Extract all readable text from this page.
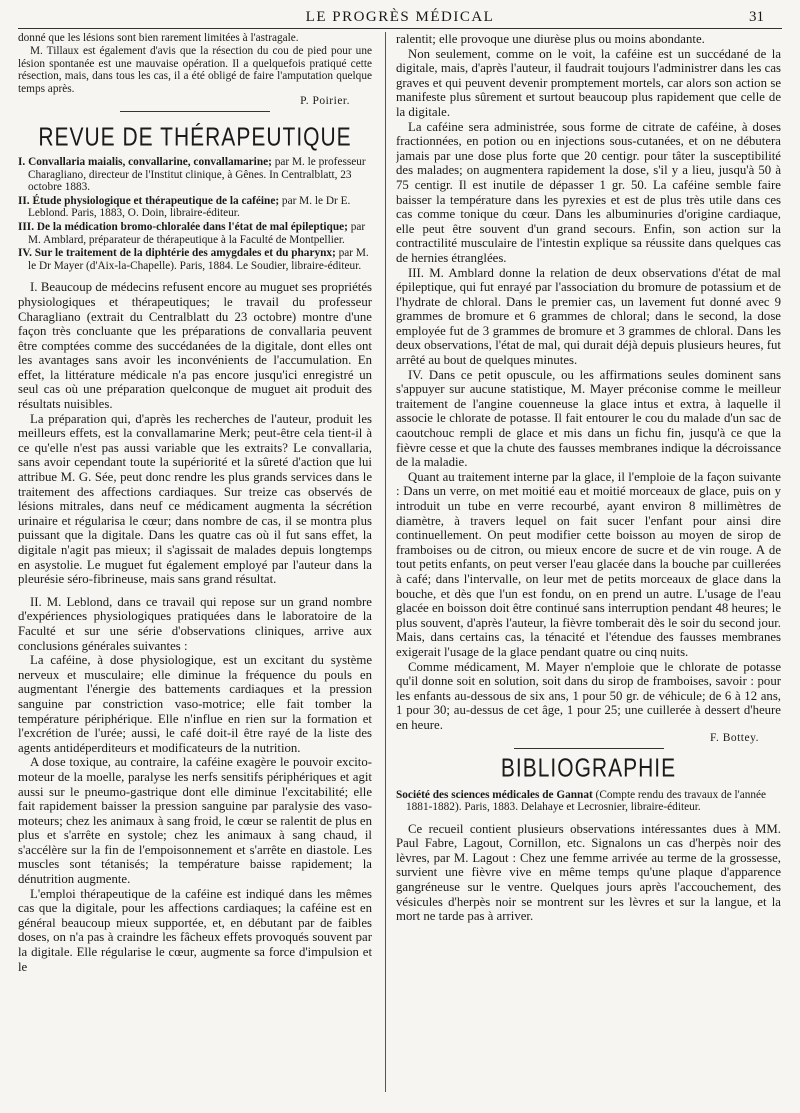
LE PROGRÈS MÉDICAL	31

donné que les lésions sont bien rarement limitées à l'astragale.

M. Tillaux est également d'avis que la résection du cou de pied pour une lésion spontanée est une mauvaise opération. Il a quelquefois pratiqué cette résection, mais, dans tous les cas, il a été obligé de faire l'amputation quelque temps après.

P. Poirier.
REVUE DE THÉRAPEUTIQUE
I. Convallaria maialis, convallarine, convallamarine; par M. le professeur Charagliano, directeur de l'Institut clinique, à Gênes. In Centralblatt, 23 octobre 1883.
II. Étude physiologique et thérapeutique de la caféine; par M. le Dr E. Leblond. Paris, 1883, O. Doin, libraire-éditeur.
III. De la médication bromo-chloralée dans l'état de mal épileptique; par M. Amblard, préparateur de thérapeutique à la Faculté de Montpellier.
IV. Sur le traitement de la diphtérie des amygdales et du pharynx; par M. le Dr Mayer (d'Aix-la-Chapelle). Paris, 1884. Le Soudier, libraire-éditeur.

I. Beaucoup de médecins refusent encore au muguet ses propriétés physiologiques et thérapeutiques; le travail du professeur Charagliano (extrait du Centralblatt du 23 octobre) montre d'une façon très concluante que les préparations de convallaria peuvent être comptées comme des succédanées de la digitale, dont elles ont les avantages sans avoir les inconvénients de l'accumulation. En effet, la littérature médicale n'a pas encore jusqu'ici enregistré un seul cas où une préparation quelconque de muguet ait produit des résultats nuisibles.

La préparation qui, d'après les recherches de l'auteur, produit les meilleurs effets, est la convallamarine Merk; peut-être cela tient-il à ce qu'elle n'est pas aussi variable que les extraits? Le convallaria, sans avoir cependant toute la supériorité et la sûreté d'action que lui attribue M. G. Sée, peut donc rendre les plus grands services dans le traitement des affections cardiaques. Sur treize cas observés de lésions mitrales, dans neuf ce médicament augmenta la sécrétion urinaire et régularisa le cœur; dans nombre de cas, il se montra plus puissant que la digitale. Dans les quatre cas où il fut sans effet, la digitale n'agit pas mieux; il s'agissait de malades depuis longtemps en asystolie. Le muguet fut également employé par l'auteur dans la pleurésie séro-fibrineuse, mais sans grand résultat.

II. M. Leblond, dans ce travail qui repose sur un grand nombre d'expériences physiologiques pratiquées dans le laboratoire de la Faculté et sur une série d'observations cliniques, arrive aux conclusions générales suivantes :

La caféine, à dose physiologique, est un excitant du système nerveux et musculaire; elle diminue la fréquence du pouls en augmentant l'énergie des battements cardiaques et la pression sanguine par constriction vaso-motrice; elle fait tomber la température périphérique. Elle n'influe en rien sur la formation et l'excrétion de l'urée; aussi, le café doit-il être rayé de la liste des agents antidéperditeurs et modificateurs de la nutrition.

A dose toxique, au contraire, la caféine exagère le pouvoir excito-moteur de la moelle, paralyse les nerfs sensitifs périphériques et agit aussi sur le pneumo-gastrique dont elle diminue l'excitabilité; elle fait rapidement baisser la pression sanguine par paralysie des vaso-moteurs; chez les animaux à sang froid, le cœur se ralentit de plus en plus et s'arrête en systole; chez les animaux à sang chaud, il s'accélère sur la fin de l'empoisonnement et s'arrête en diastole. Les muscles sont tétanisés; la température baisse rapidement; la dénutrition augmente.

L'emploi thérapeutique de la caféine est indiqué dans les mêmes cas que la digitale, pour les affections cardiaques; la caféine est en général beaucoup mieux supportée, et, en débutant par de faibles doses, on n'a pas à craindre les fâcheux effets provoqués souvent par la digitale. Elle régularise le cœur, augmente sa force d'impulsion et le

ralentit; elle provoque une diurèse plus ou moins abondante.

Non seulement, comme on le voit, la caféine est un succédané de la digitale, mais, d'après l'auteur, il faudrait toujours l'administrer dans les cas graves et qui peuvent devenir promptement mortels, car alors son action se manifeste plus sûrement et surtout beaucoup plus rapidement que celle de la digitale.

La caféine sera administrée, sous forme de citrate de caféine, à doses fractionnées, en potion ou en injections sous-cutanées, et on ne débutera jamais par une dose plus forte que 20 centigr. pour tâter la susceptibilité des malades; on augmentera rapidement la dose, s'il y a lieu, jusqu'à 50 à 75 centigr. Il est inutile de dépasser 1 gr. 50. La caféine semble faire baisser la température dans les pyrexies et est de plus très utile dans ces cas comme tonique du cœur. Dans les albuminuries d'origine cardiaque, elle peut être souvent d'un grand secours. Enfin, son action sur la contractilité musculaire de l'intestin explique sa réussite dans quelques cas de hernies étranglées.

III. M. Amblard donne la relation de deux observations d'état de mal épileptique, qui fut enrayé par l'association du bromure de potassium et de l'hydrate de chloral. Dans le premier cas, un lavement fut donné avec 9 grammes de bromure et 6 grammes de chloral; dans le second, la dose employée fut de 3 grammes de bromure et 3 grammes de chloral. Dans les deux observations, l'état de mal, qui durait déjà depuis plusieurs heures, fut arrêté au bout de quelques minutes.

IV. Dans ce petit opuscule, ou les affirmations seules dominent sans s'appuyer sur aucune statistique, M. Mayer préconise comme le meilleur traitement de l'angine couenneuse la glace intus et extra, à laquelle il associe le chlorate de potasse. Il fait entourer le cou du malade d'un sac de caoutchouc rempli de glace et mis dans un fichu fin, jusqu'à ce que la fièvre cesse et que la chute des fausses membranes indique la décroissance de la maladie.

Quant au traitement interne par la glace, il l'emploie de la façon suivante : Dans un verre, on met moitié eau et moitié morceaux de glace, puis on y introduit un tube en verre recourbé, ayant environ 8 millimètres de diamètre, à travers lequel on fait sucer l'enfant pour ainsi dire continuellement. On peut modifier cette boisson au moyen de sirop de framboises ou de citron, ou mieux encore de sucre et de vin rouge. A de tout petits enfants, on peut verser l'eau glacée dans la bouche par cuillerées à café; dans l'intervalle, on leur met de petits morceaux de glace dans la bouche, et dès que l'un est fondu, on en prend un autre. L'usage de l'eau glacée en boisson doit être continué sans interruption pendant 48 heures; le plus souvent, d'après l'auteur, la fièvre tomberait dès le soir du second jour. Mais, dans certains cas, la ténacité et l'étendue des fausses membranes exigerait l'usage de la glace pendant quatre ou cinq nuits.

Comme médicament, M. Mayer n'emploie que le chlorate de potasse qu'il donne soit en solution, soit dans du sirop de framboises, savoir : pour les enfants au-dessous de six ans, 1 pour 50 gr. de véhicule; de 6 à 12 ans, 1 pour 30; au-dessus de cet âge, 1 pour 25; une cuillerée à dessert d'heure en heure.

F. Bottey.
BIBLIOGRAPHIE
Société des sciences médicales de Gannat (Compte rendu des travaux de l'année 1881-1882). Paris, 1883. Delahaye et Lecrosnier, libraire-éditeur.

Ce recueil contient plusieurs observations intéressantes dues à MM. Paul Fabre, Lagout, Cornillon, etc. Signalons un cas d'herpès noir des lèvres, par M. Lagout : Chez une femme arrivée au terme de la grossesse, survient une fièvre vive en même temps qu'une plaque d'apparence gangréneuse sur le ventre. Quelques jours après l'accouchement, des vésicules d'herpès noir se montrent sur les lèvres et sur la langue, et la mort ne tarde pas à arriver.
